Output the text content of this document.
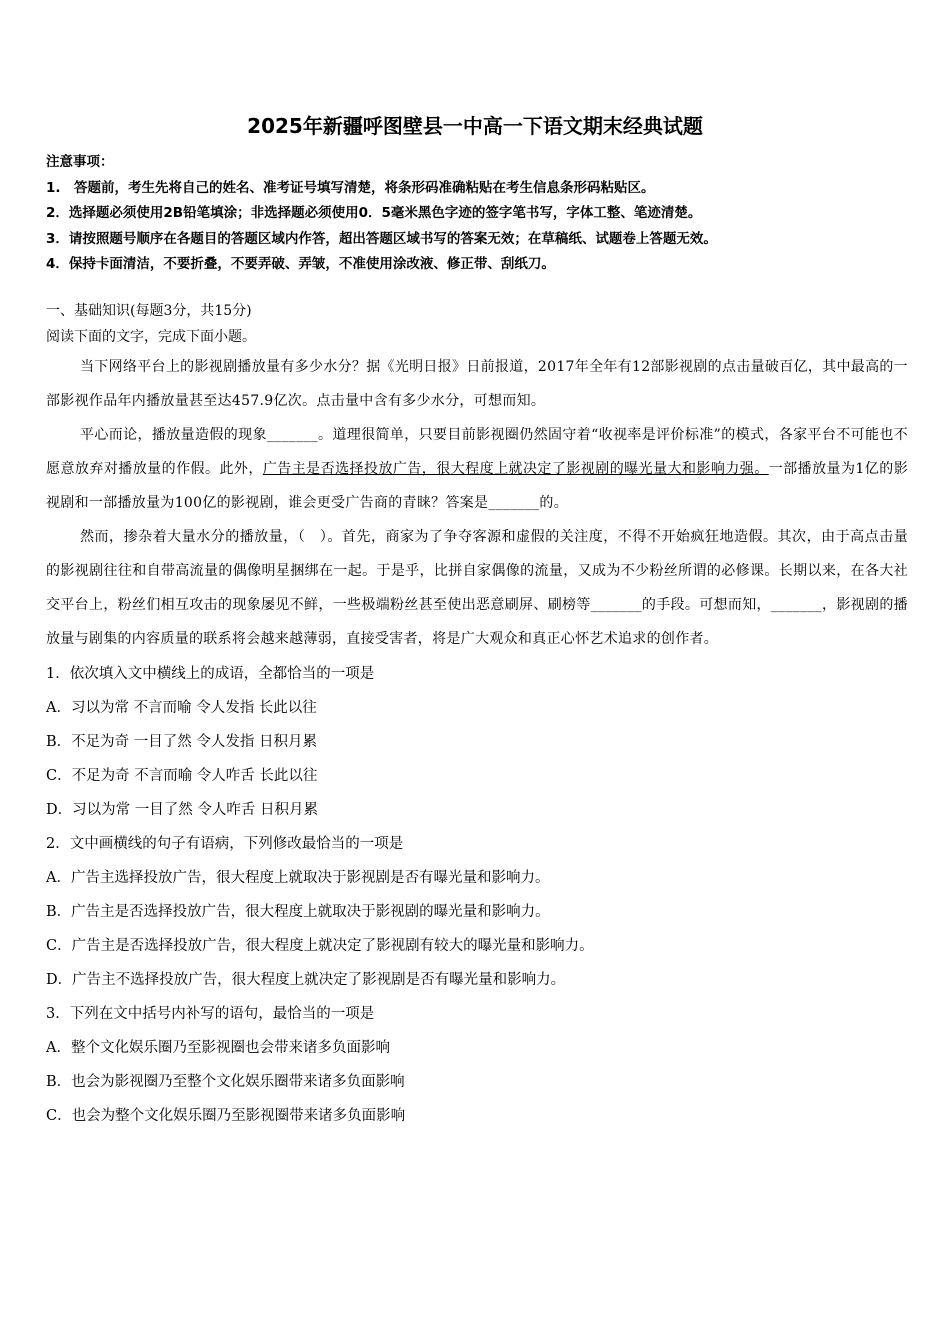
2025年新疆呼图壁县一中高一下语文期末经典试题
注意事项：
1.　答题前，考生先将自己的姓名、准考证号填写清楚，将条形码准确粘贴在考生信息条形码粘贴区。
2．选择题必须使用2B铅笔填涂；非选择题必须使用0．5毫米黑色字迹的签字笔书写，字体工整、笔迹清楚。
3．请按照题号顺序在各题目的答题区域内作答，超出答题区域书写的答案无效；在草稿纸、试题卷上答题无效。
4．保持卡面清洁，不要折叠，不要弄破、弄皱，不准使用涂改液、修正带、刮纸刀。
一、基础知识(每题3分，共15分)
阅读下面的文字，完成下面小题。
当下网络平台上的影视剧播放量有多少水分？据《光明日报》日前报道，2017年全年有12部影视剧的点击量破百亿，其中最高的一部影视作品年内播放量甚至达457.9亿次。点击量中含有多少水分，可想而知。
平心而论，播放量造假的现象_______。道理很简单，只要目前影视圈仍然固守着“收视率是评价标准”的模式，各家平台不可能也不愿意放弃对播放量的作假。此外，广告主是否选择投放广告，很大程度上就决定了影视剧的曝光量大和影响力强。一部播放量为1亿的影视剧和一部播放量为100亿的影视剧，谁会更受广告商的青睐？答案是_______的。
然而，掺杂着大量水分的播放量，（　）。首先，商家为了争夺客源和虚假的关注度，不得不开始疯狂地造假。其次，由于高点击量的影视剧往往和自带高流量的偶像明星捆绑在一起。于是乎，比拼自家偶像的流量，又成为不少粉丝所谓的必修课。长期以来，在各大社交平台上，粉丝们相互攻击的现象屡见不鲜，一些极端粉丝甚至使出恶意刷屏、刷榜等_______的手段。可想而知，_______，影视剧的播放量与剧集的内容质量的联系将会越来越薄弱，直接受害者，将是广大观众和真正心怀艺术追求的创作者。
1．依次填入文中横线上的成语，全都恰当的一项是
A．习以为常 不言而喻 令人发指 长此以往
B．不足为奇 一目了然 令人发指 日积月累
C．不足为奇 不言而喻 令人咋舌 长此以往
D．习以为常 一目了然 令人咋舌 日积月累
2．文中画横线的句子有语病，下列修改最恰当的一项是
A．广告主选择投放广告，很大程度上就取决于影视剧是否有曝光量和影响力。
B．广告主是否选择投放广告，很大程度上就取决于影视剧的曝光量和影响力。
C．广告主是否选择投放广告，很大程度上就决定了影视剧有较大的曝光量和影响力。
D．广告主不选择投放广告，很大程度上就决定了影视剧是否有曝光量和影响力。
3．下列在文中括号内补写的语句，最恰当的一项是
A．整个文化娱乐圈乃至影视圈也会带来诸多负面影响
B．也会为影视圈乃至整个文化娱乐圈带来诸多负面影响
C．也会为整个文化娱乐圈乃至影视圈带来诸多负面影响
